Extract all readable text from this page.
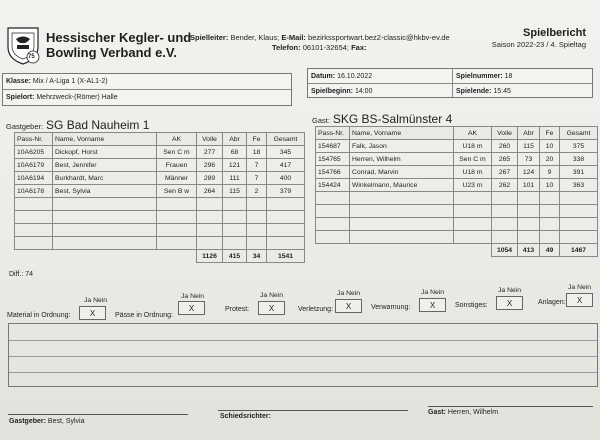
75
Hessischer Kegler- und
Bowling Verband e.V.
Spielleiter: Bender, Klaus; E-Mail: bezirkssportwart.bez2-classic@hkbv-ev.de
Telefon: 06101-32654; Fax:
Spielbericht
Saison 2022-23 / 4. Spieltag
Klasse: Mix / A-Liga 1 (X-AL1-2)
Spielort: Mehrzweck-(Römer) Halle
Datum: 16.10.2022	Spielnummer: 18
Spielbeginn: 14:00	Spielende: 15:45
Gastgeber: SG Bad Nauheim 1	Gast: SKG BS-Salmünster 4
Pass-Nr.	Name, Vorname	AK	Volle	Abr	Fe	Gesamt
10A6205	Dickopf, Horst	Sen C m	277	68	18	345
10A6179	Best, Jennifer	Frauen	296	121	7	417
10A6194	Burkhardt, Marc	Männer	289	111	7	400
10A6178	Best, Sylvia	Sen B w	264	115	2	379

			1126	415	34	1541
Pass-Nr.	Name, Vorname	AK	Volle	Abr	Fe	Gesamt
154687	Falk, Jason	U18 m	260	115	10	375
154765	Herren, Wilhelm	Sen C m	265	73	20	338
154766	Conrad, Marvin	U18 m	267	124	9	391
154424	Winkelmann, Maurice	U23 m	262	101	10	363

			1054	413	49	1467
Diff.: 74
Ja Nein
Material in Ordnung:	X
Ja Nein
Pässe in Ordnung:
X
Ja Nein
Protest:	X
Ja Nein
Verletzung:	X
Ja Nein
Verwarnung:	X
Ja Nein
Sonstiges:	X
Ja Nein
Anlagen:	X
Gastgeber: Best, Sylvia
Schiedsrichter:
Gast: Herren, Wilhelm
